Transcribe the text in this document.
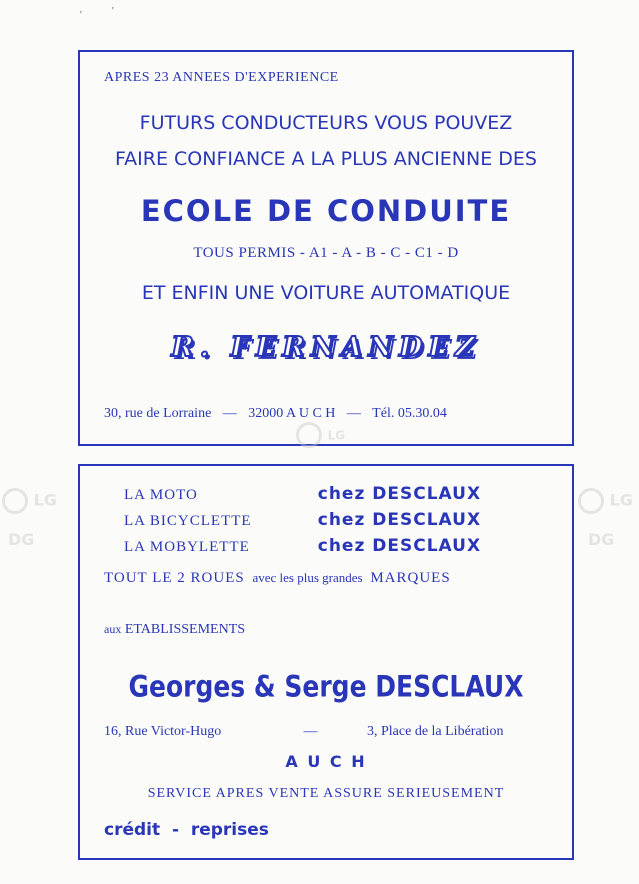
'	'
APRES 23 ANNEES D'EXPERIENCE
FUTURS CONDUCTEURS VOUS POUVEZ
FAIRE CONFIANCE A LA PLUS ANCIENNE DES
ECOLE DE CONDUITE
TOUS PERMIS - A1 - A - B - C - C1 - D
ET ENFIN UNE VOITURE AUTOMATIQUE
R. FERNANDEZ
30, rue de Lorraine — 32000 A U C H — Tél. 05.30.04
LG
LA MOTO	chez DESCLAUX
LA BICYCLETTE	chez DESCLAUX
LA MOBYLETTE	chez DESCLAUX
TOUT LE 2 ROUES avec les plus grandes MARQUES
aux ETABLISSEMENTS
Georges & Serge DESCLAUX
16, Rue Victor-Hugo	—	3, Place de la Libération
A U C H
SERVICE APRES VENTE ASSURE SERIEUSEMENT
crédit  -  reprises
LG
DG
LG
DG
